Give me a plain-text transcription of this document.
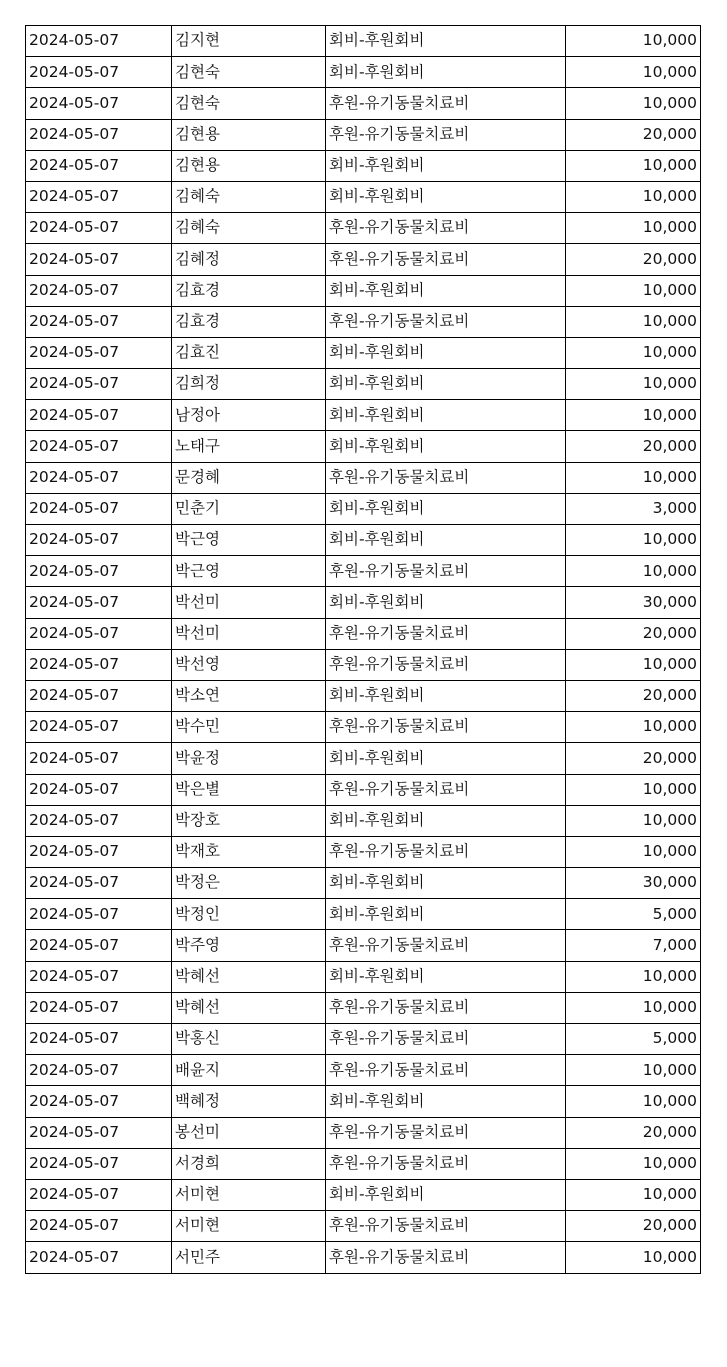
2024-05-07	김지현	회비-후원회비	10,000
2024-05-07	김현숙	회비-후원회비	10,000
2024-05-07	김현숙	후원-유기동물치료비	10,000
2024-05-07	김현용	후원-유기동물치료비	20,000
2024-05-07	김현용	회비-후원회비	10,000
2024-05-07	김혜숙	회비-후원회비	10,000
2024-05-07	김혜숙	후원-유기동물치료비	10,000
2024-05-07	김혜정	후원-유기동물치료비	20,000
2024-05-07	김효경	회비-후원회비	10,000
2024-05-07	김효경	후원-유기동물치료비	10,000
2024-05-07	김효진	회비-후원회비	10,000
2024-05-07	김희정	회비-후원회비	10,000
2024-05-07	남정아	회비-후원회비	10,000
2024-05-07	노태구	회비-후원회비	20,000
2024-05-07	문경혜	후원-유기동물치료비	10,000
2024-05-07	민춘기	회비-후원회비	3,000
2024-05-07	박근영	회비-후원회비	10,000
2024-05-07	박근영	후원-유기동물치료비	10,000
2024-05-07	박선미	회비-후원회비	30,000
2024-05-07	박선미	후원-유기동물치료비	20,000
2024-05-07	박선영	후원-유기동물치료비	10,000
2024-05-07	박소연	회비-후원회비	20,000
2024-05-07	박수민	후원-유기동물치료비	10,000
2024-05-07	박윤정	회비-후원회비	20,000
2024-05-07	박은별	후원-유기동물치료비	10,000
2024-05-07	박장호	회비-후원회비	10,000
2024-05-07	박재호	후원-유기동물치료비	10,000
2024-05-07	박정은	회비-후원회비	30,000
2024-05-07	박정인	회비-후원회비	5,000
2024-05-07	박주영	후원-유기동물치료비	7,000
2024-05-07	박혜선	회비-후원회비	10,000
2024-05-07	박혜선	후원-유기동물치료비	10,000
2024-05-07	박홍신	후원-유기동물치료비	5,000
2024-05-07	배윤지	후원-유기동물치료비	10,000
2024-05-07	백혜정	회비-후원회비	10,000
2024-05-07	봉선미	후원-유기동물치료비	20,000
2024-05-07	서경희	후원-유기동물치료비	10,000
2024-05-07	서미현	회비-후원회비	10,000
2024-05-07	서미현	후원-유기동물치료비	20,000
2024-05-07	서민주	후원-유기동물치료비	10,000
